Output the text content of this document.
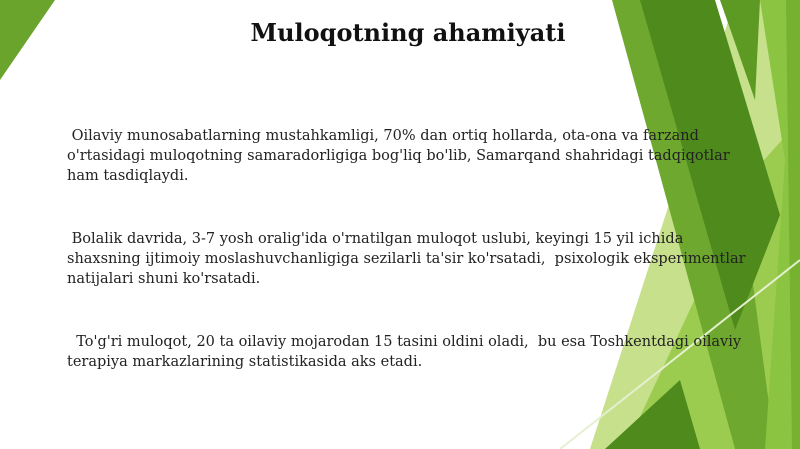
Muloqotning ahamiyati

Oilaviy munosabatlarning mustahkamligi, 70% dan ortiq hollarda, ota-ona va farzand o'rtasidagi muloqotning samaradorligiga bog'liq bo'lib, Samarqand shahridagi tadqiqotlar ham tasdiqlaydi.

Bolalik davrida, 3-7 yosh oralig'ida o'rnatilgan muloqot uslubi, keyingi 15 yil ichida shaxsning ijtimoiy moslashuvchanligiga sezilarli ta'sir ko'rsatadi,  psixologik eksperimentlar natijalari shuni ko'rsatadi.

To'g'ri muloqot, 20 ta oilaviy mojarodan 15 tasini oldini oladi,  bu esa Toshkentdagi oilaviy terapiya markazlarining statistikasida aks etadi.
